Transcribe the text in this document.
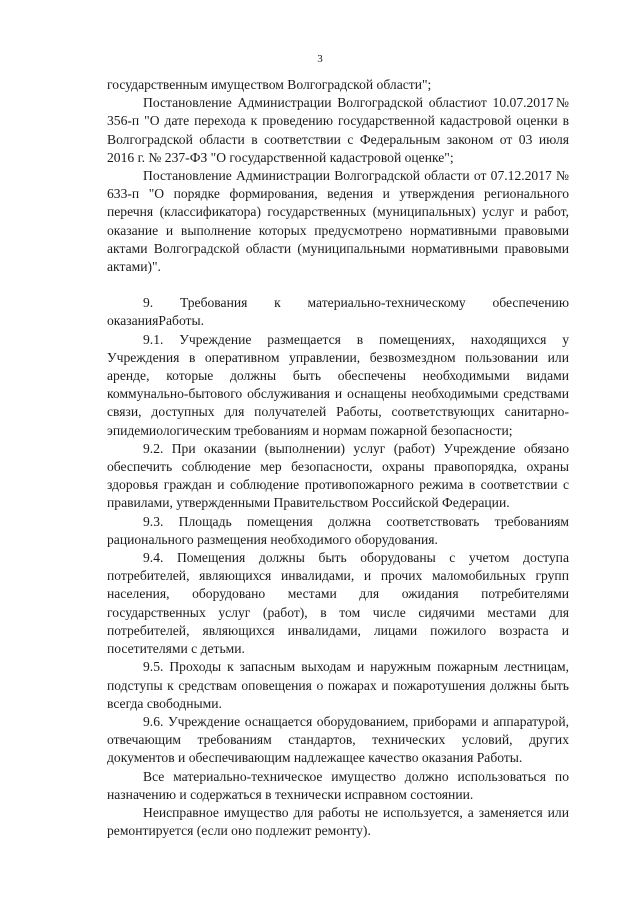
3

государственным имуществом Волгоградской области";

Постановление Администрации Волгоградской областиот 10.07.2017№ 356-п "О дате перехода к проведению государственной кадастровой оценки в Волгоградской области в соответствии с Федеральным законом от 03 июля 2016 г. № 237-ФЗ "О государственной кадастровой оценке";

Постановление Администрации Волгоградской области от 07.12.2017 № 633-п "О порядке формирования, ведения и утверждения регионального перечня (классификатора) государственных (муниципальных) услуг и работ, оказание и выполнение которых предусмотрено нормативными правовыми актами Волгоградской области (муниципальными нормативными правовыми актами)".

9. Требования к материально-техническому обеспечению оказанияРаботы.

9.1. Учреждение размещается в помещениях, находящихся у Учреждения в оперативном управлении, безвозмездном пользовании или аренде, которые должны быть обеспечены необходимыми видами коммунально-бытового обслуживания и оснащены необходимыми средствами связи, доступных для получателей Работы, соответствующих санитарно-эпидемиологическим требованиям и нормам пожарной безопасности;

9.2. При оказании (выполнении) услуг (работ) Учреждение обязано обеспечить соблюдение мер безопасности, охраны правопорядка, охраны здоровья граждан и соблюдение противопожарного режима в соответствии с правилами, утвержденными Правительством Российской Федерации.

9.3. Площадь помещения должна соответствовать требованиям рационального размещения необходимого оборудования.

9.4. Помещения должны быть оборудованы с учетом доступа потребителей, являющихся инвалидами, и прочих маломобильных групп населения, оборудовано местами для ожидания потребителями государственных услуг (работ), в том числе сидячими местами для потребителей, являющихся инвалидами, лицами пожилого возраста и посетителями с детьми.

9.5. Проходы к запасным выходам и наружным пожарным лестницам, подступы к средствам оповещения о пожарах и пожаротушения должны быть всегда свободными.

9.6. Учреждение оснащается оборудованием, приборами и аппаратурой, отвечающим требованиям стандартов, технических условий, других документов и обеспечивающим надлежащее качество оказания Работы.

Все материально-техническое имущество должно использоваться по назначению и содержаться в технически исправном состоянии.

Неисправное имущество для работы не используется, а заменяется или ремонтируется (если оно подлежит ремонту).
